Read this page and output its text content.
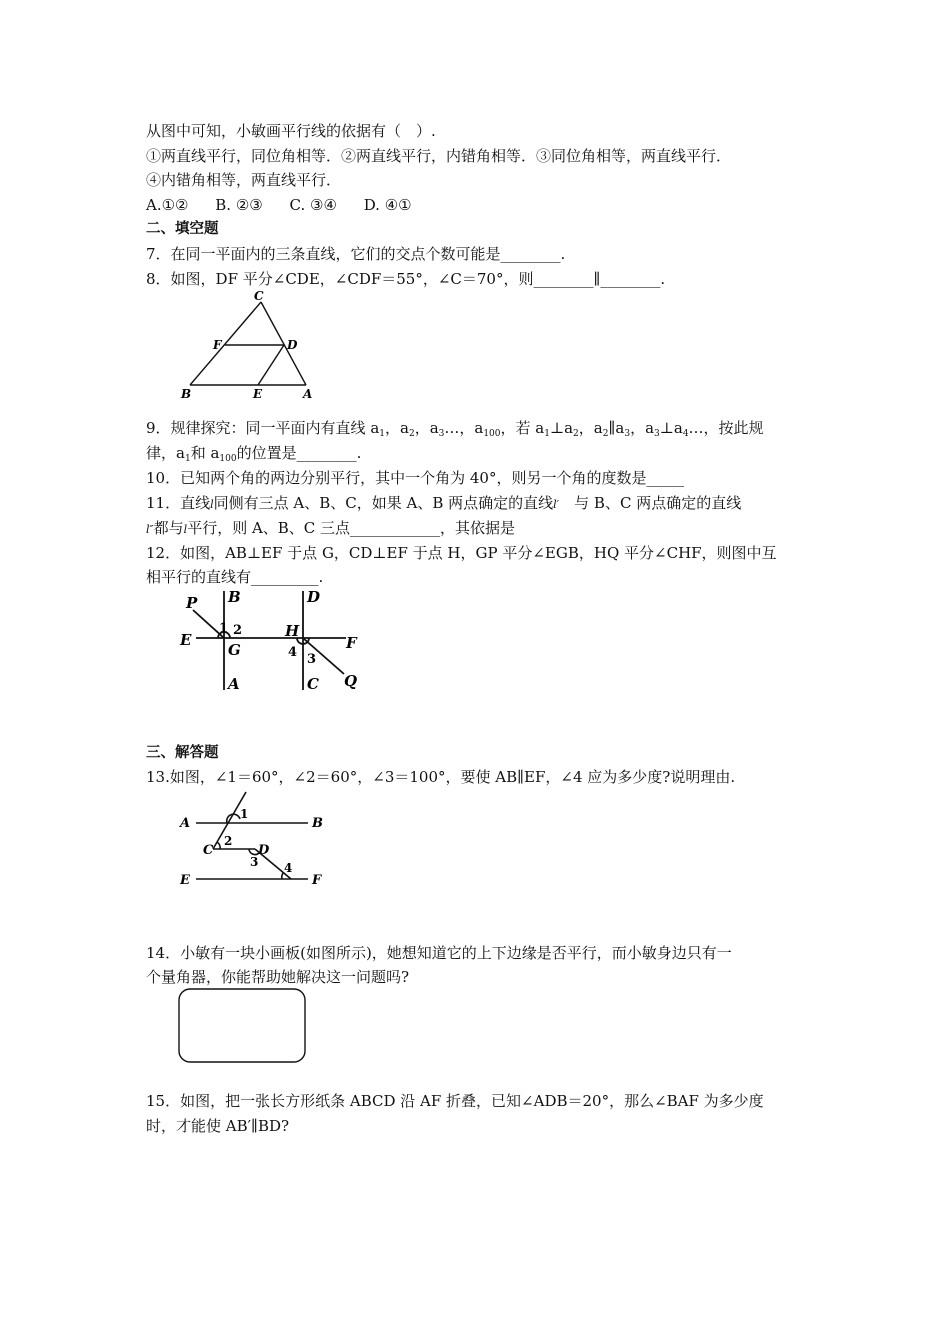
从图中可知，小敏画平行线的依据有（　）.
①两直线平行，同位角相等．②两直线平行，内错角相等．③同位角相等，两直线平行．
④内错角相等，两直线平行．
A.①② B. ②③ C. ③④ D. ④①
二、填空题
7．在同一平面内的三条直线，它们的交点个数可能是________.
8．如图，DF 平分∠CDE，∠CDF＝55°，∠C＝70°，则________∥________.
C
F	D
B	E	A
9．规律探究：同一平面内有直线 $a_1$，$a_2$，$a_3\dots$，$a_{100}$，若 $a_1\perp a_2$，$a_2\parallel a_3$，$a_3\perp a_4\dots$，按此规
律，$a_1$和 $a_{100}$的位置是________.
10．已知两个角的两边分别平行，其中一个角为 40°，则另一个角的度数是_____
11．直线l同侧有三点 A、B、C，如果 A、B 两点确定的直线l′　 与 B、C 两点确定的直线
l″都与l平行，则 A、B、C 三点____________，其依据是
12．如图，AB⊥EF 于点 G，CD⊥EF 于点 H，GP 平分∠EGB，HQ 平分∠CHF，则图中互
相平行的直线有_________.
P B	D
E
1 2
G
H
F
4 3
A	C Q
三、解答题
13.如图，∠1＝60°，∠2＝60°，∠3＝100°，要使 AB∥EF，∠4 应为多少度?说明理由.
A	B
1
C
2
D
3 4
E	F
14．小敏有一块小画板(如图所示)，她想知道它的上下边缘是否平行，而小敏身边只有一
个量角器，你能帮助她解决这一问题吗?
15．如图，把一张长方形纸条 ABCD 沿 AF 折叠，已知∠ADB＝20°，那么∠BAF 为多少度
时，才能使 AB′∥BD?
